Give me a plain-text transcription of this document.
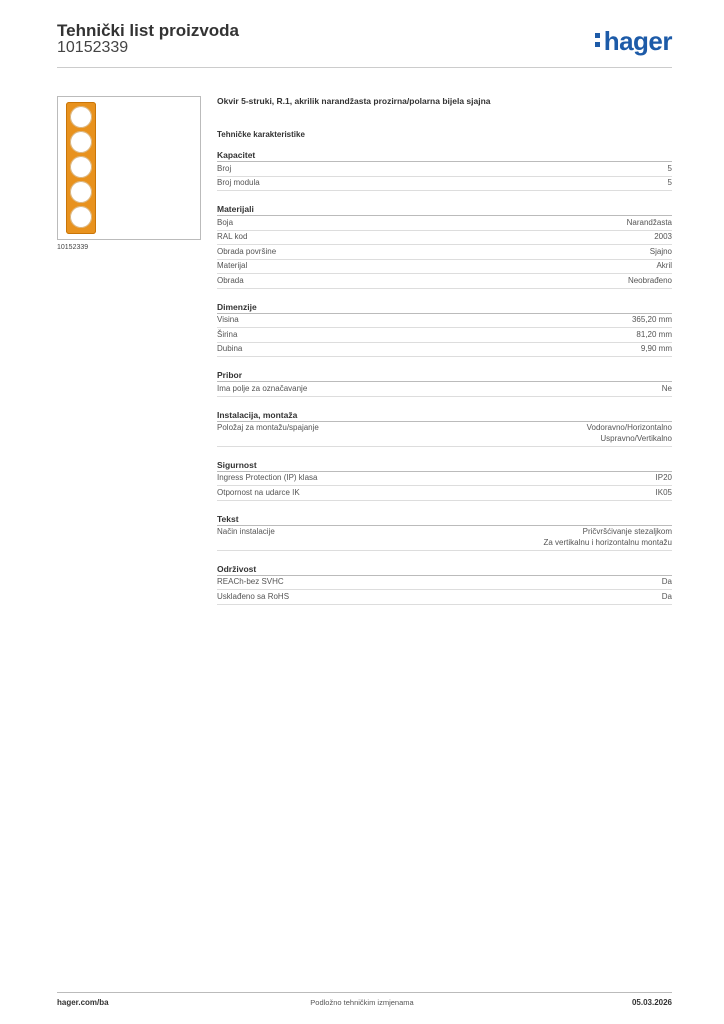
Tehnički list proizvoda
10152339	hager
10152339
Okvir 5-struki, R.1, akrilik narandžasta prozirna/polarna bijela sjajna
Tehničke karakteristike
Kapacitet
Broj	5
Broj modula	5
Materijali
Boja	Narandžasta
RAL kod	2003
Obrada površine	Sjajno
Materijal	Akril
Obrada	Neobrađeno
Dimenzije
Visina	365,20 mm
Širina	81,20 mm
Dubina	9,90 mm
Pribor
Ima polje za označavanje	Ne
Instalacija, montaža
Položaj za montažu/spajanje	Vodoravno/Horizontalno
Uspravno/Vertikalno
Sigurnost
Ingress Protection (IP) klasa	IP20
Otpornost na udarce IK	IK05
Tekst
Način instalacije	Pričvršćivanje stezaljkom
Za vertikalnu i horizontalnu montažu
Održivost
REACh-bez SVHC	Da
Usklađeno sa RoHS	Da
hager.com/ba	Podložno tehničkim izmjenama	05.03.2026
